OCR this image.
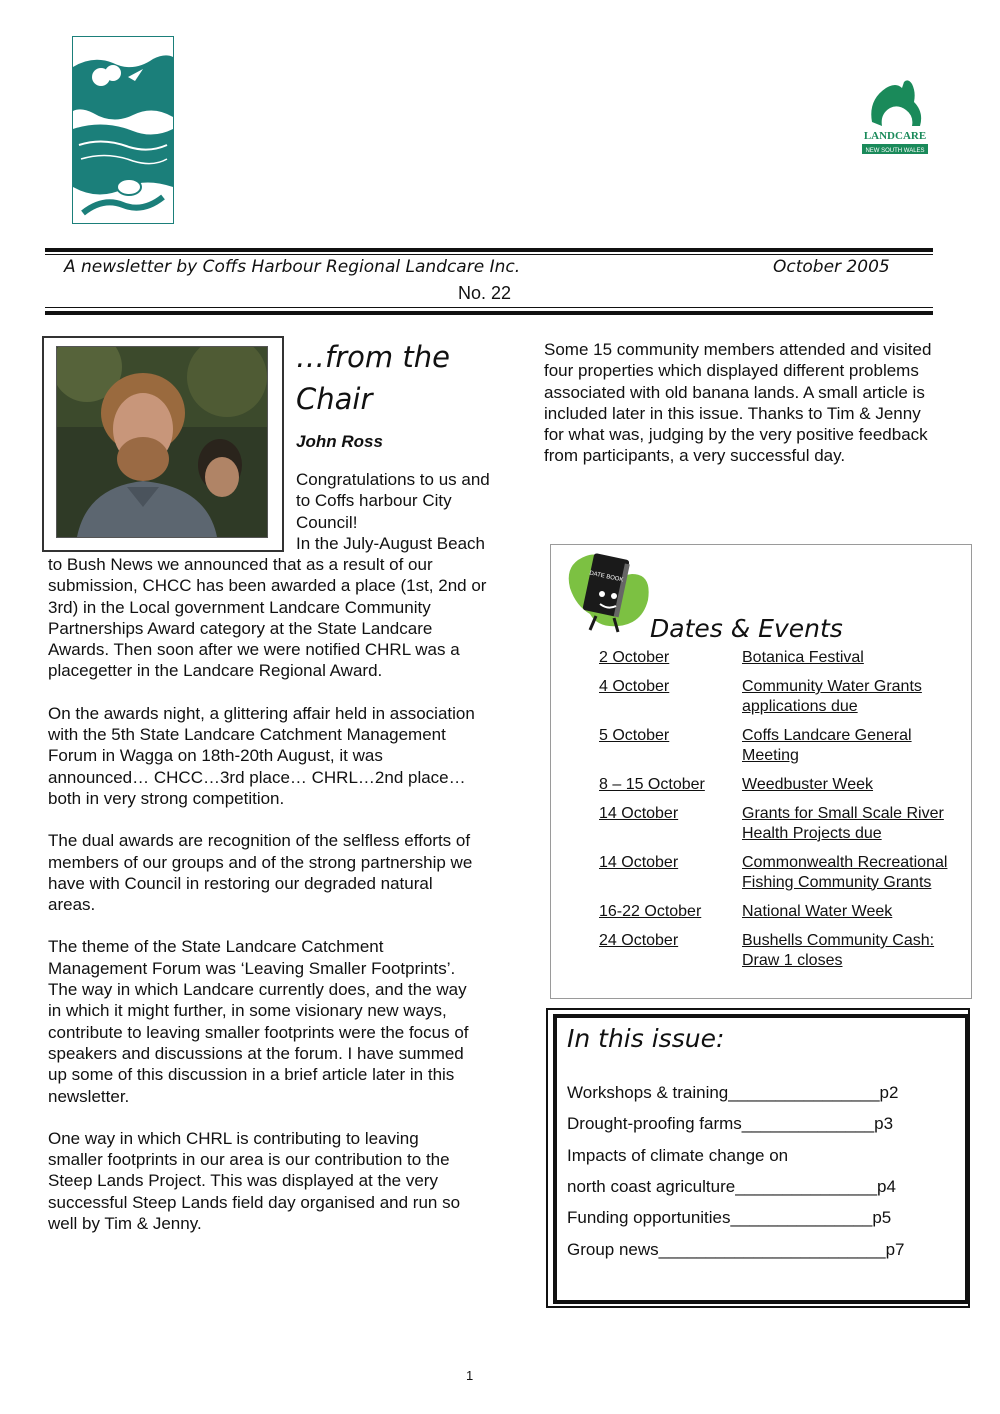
LANDCARE
NEW SOUTH WALES
A newsletter by Coffs Harbour Regional Landcare Inc.	October 2005
No. 22
…from the
Chair
John Ross
Congratulations to us and
to Coffs harbour City
Council!
In the July-August Beach

to Bush News we announced that as a result of our

submission, CHCC has been awarded a place (1st, 2nd or

3rd) in the Local government Landcare Community

Partnerships Award category at the State Landcare

Awards. Then soon after we were notified CHRL was a

placegetter in the Landcare Regional Award.

On the awards night, a glittering affair held in association

with the 5th State Landcare Catchment Management

Forum in Wagga on 18th-20th August, it was

announced… CHCC…3rd place… CHRL…2nd place…

both in very strong competition.

The dual awards are recognition of the selfless efforts of

members of our groups and of the strong partnership we

have with Council in restoring our degraded natural

areas.

The theme of the State Landcare Catchment

Management Forum was ‘Leaving Smaller Footprints’.

The way in which Landcare currently does, and the way

in which it might further, in some visionary new ways,

contribute to leaving smaller footprints were the focus of

speakers and discussions at the forum. I have summed

up some of this discussion in a brief article later in this

newsletter.

One way in which CHRL is contributing to leaving

smaller footprints in our area is our contribution to the

Steep Lands Project. This was displayed at the very

successful Steep Lands field day organised and run so

well by Tim & Jenny.

Some 15 community members attended and visited
four properties which displayed different problems
associated with old banana lands. A small article is
included later in this issue. Thanks to Tim & Jenny
for what was, judging by the very positive feedback
from participants, a very successful day.
DATE BOOK
Dates & Events
2 October	Botanica Festival
4 October	Community Water Grants
applications due
5 October	Coffs Landcare General
Meeting
8 – 15 October	Weedbuster Week
14 October	Grants for Small Scale River
Health Projects due
14 October	Commonwealth Recreational
Fishing Community Grants
16-22 October	National Water Week
24 October	Bushells Community Cash:
Draw 1 closes
In this issue:
Workshops & training________________p2
Drought-proofing farms______________p3
Impacts of climate change on
north coast agriculture_______________p4
Funding opportunities_______________p5
Group news________________________p7
1
